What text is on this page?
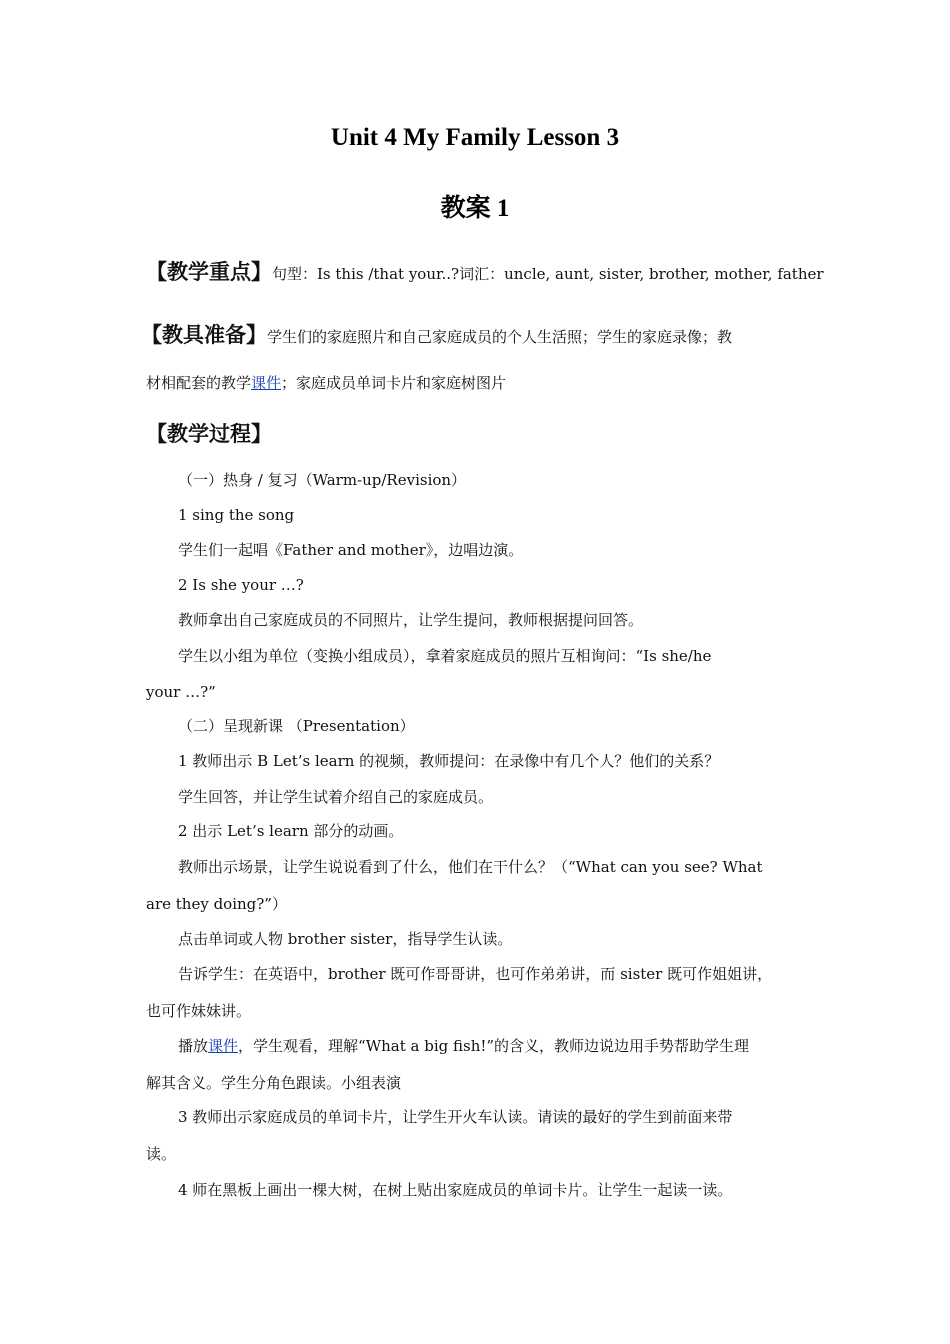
Unit 4 My Family Lesson 3
教案 1
【教学重点】句型：Is this /that your..?词汇：uncle, aunt, sister, brother, mother, father
【教具准备】学生们的家庭照片和自己家庭成员的个人生活照；学生的家庭录像；教
材相配套的教学课件；家庭成员单词卡片和家庭树图片
【教学过程】
（一）热身 / 复习（Warm-up/Revision）
1 sing the song
学生们一起唱《Father and mother》，边唱边演。
2 Is she your …?
教师拿出自己家庭成员的不同照片，让学生提问，教师根据提问回答。
学生以小组为单位（变换小组成员），拿着家庭成员的照片互相询问：“Is she/he
your …?”
（二）呈现新课 （Presentation）
1 教师出示 B Let’s learn 的视频，教师提问：在录像中有几个人？他们的关系？
学生回答，并让学生试着介绍自己的家庭成员。
2 出示 Let’s learn 部分的动画。
教师出示场景，让学生说说看到了什么，他们在干什么？（“What can you see? What
are they doing?”）
点击单词或人物 brother sister，指导学生认读。
告诉学生：在英语中，brother 既可作哥哥讲，也可作弟弟讲，而 sister 既可作姐姐讲，
也可作妹妹讲。
播放课件，学生观看，理解“What a big fish!”的含义，教师边说边用手势帮助学生理
解其含义。学生分角色跟读。小组表演
3 教师出示家庭成员的单词卡片，让学生开火车认读。请读的最好的学生到前面来带
读。
4 师在黑板上画出一棵大树，在树上贴出家庭成员的单词卡片。让学生一起读一读。
